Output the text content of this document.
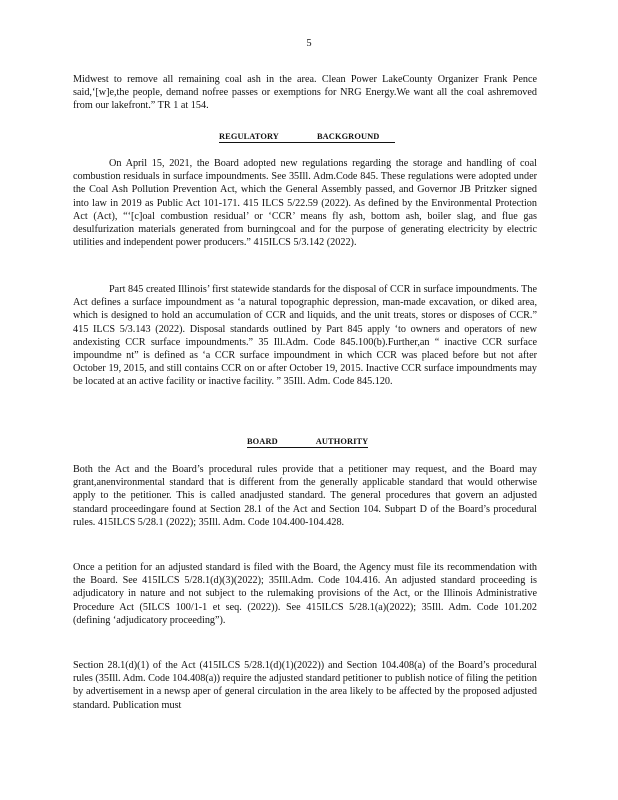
5
Midwest to remove all remaining coal ash in the area. Clean Power LakeCounty Organizer Frank Pence said,‘[w]e,the people, demand nofree passes or exemptions for NRG Energy.We want all the coal ashremoved from our lakefront.” TR 1 at 154.
REGULATORY	BACKGROUND
On April 15, 2021, the Board adopted new regulations regarding the storage and handling of coal combustion residuals in surface impoundments. See 35Ill. Adm.Code 845. These regulations were adopted under the Coal Ash Pollution Prevention Act, which the General Assembly passed, and Governor JB Pritzker signed into law in 2019 as Public Act 101-171. 415 ILCS 5/22.59 (2022). As defined by the Environmental Protection Act (Act), “‘[c]oal combustion residual’ or ‘CCR’ means fly ash, bottom ash, boiler slag, and flue gas desulfurization materials generated from burningcoal and for the purpose of generating electricity by electric utilities and independent power producers.” 415ILCS 5/3.142 (2022).
Part 845 created Illinois’ first statewide standards for the disposal of CCR in surface impoundments. The Act defines a surface impoundment as ‘a natural topographic depression, man-made excavation, or diked area, which is designed to hold an accumulation of CCR and liquids, and the unit treats, stores or disposes of CCR.” 415 ILCS 5/3.143 (2022). Disposal standards outlined by Part 845 apply ‘to owners and operators of new andexisting CCR surface impoundments.” 35 Ill.Adm. Code 845.100(b).Further,an “ inactive CCR surface impoundme nt” is defined as ‘a CCR surface impoundment in which CCR was placed before but not after October 19, 2015, and still contains CCR on or after October 19, 2015. Inactive CCR surface impoundments may be located at an active facility or inactive facility. ” 35Ill. Adm. Code 845.120.
BOARD	AUTHORITY
Both the Act and the Board’s procedural rules provide that a petitioner may request, and the Board may grant,anenvironmental standard that is different from the generally applicable standard that would otherwise apply to the petitioner. This is called anadjusted standard. The general procedures that govern an adjusted standard proceedingare found at Section 28.1 of the Act and Section 104. Subpart D of the Board’s procedural rules. 415ILCS 5/28.1 (2022); 35Ill. Adm. Code 104.400-104.428.
Once a petition for an adjusted standard is filed with the Board, the Agency must file its recommendation with the Board. See 415ILCS 5/28.1(d)(3)(2022); 35Ill.Adm. Code 104.416. An adjusted standard proceeding is adjudicatory in nature and not subject to the rulemaking provisions of the Act, or the Illinois Administrative Procedure Act (5ILCS 100/1-1 et seq. (2022)). See 415ILCS 5/28.1(a)(2022); 35Ill. Adm. Code 101.202 (defining ‘adjudicatory proceeding”).
Section 28.1(d)(1) of the Act (415ILCS 5/28.1(d)(1)(2022)) and Section 104.408(a) of the Board’s procedural rules (35Ill. Adm. Code 104.408(a)) require the adjusted standard petitioner to publish notice of filing the petition by advertisement in a newsp aper of general circulation in the area likely to be affected by the proposed adjusted standard. Publication must
